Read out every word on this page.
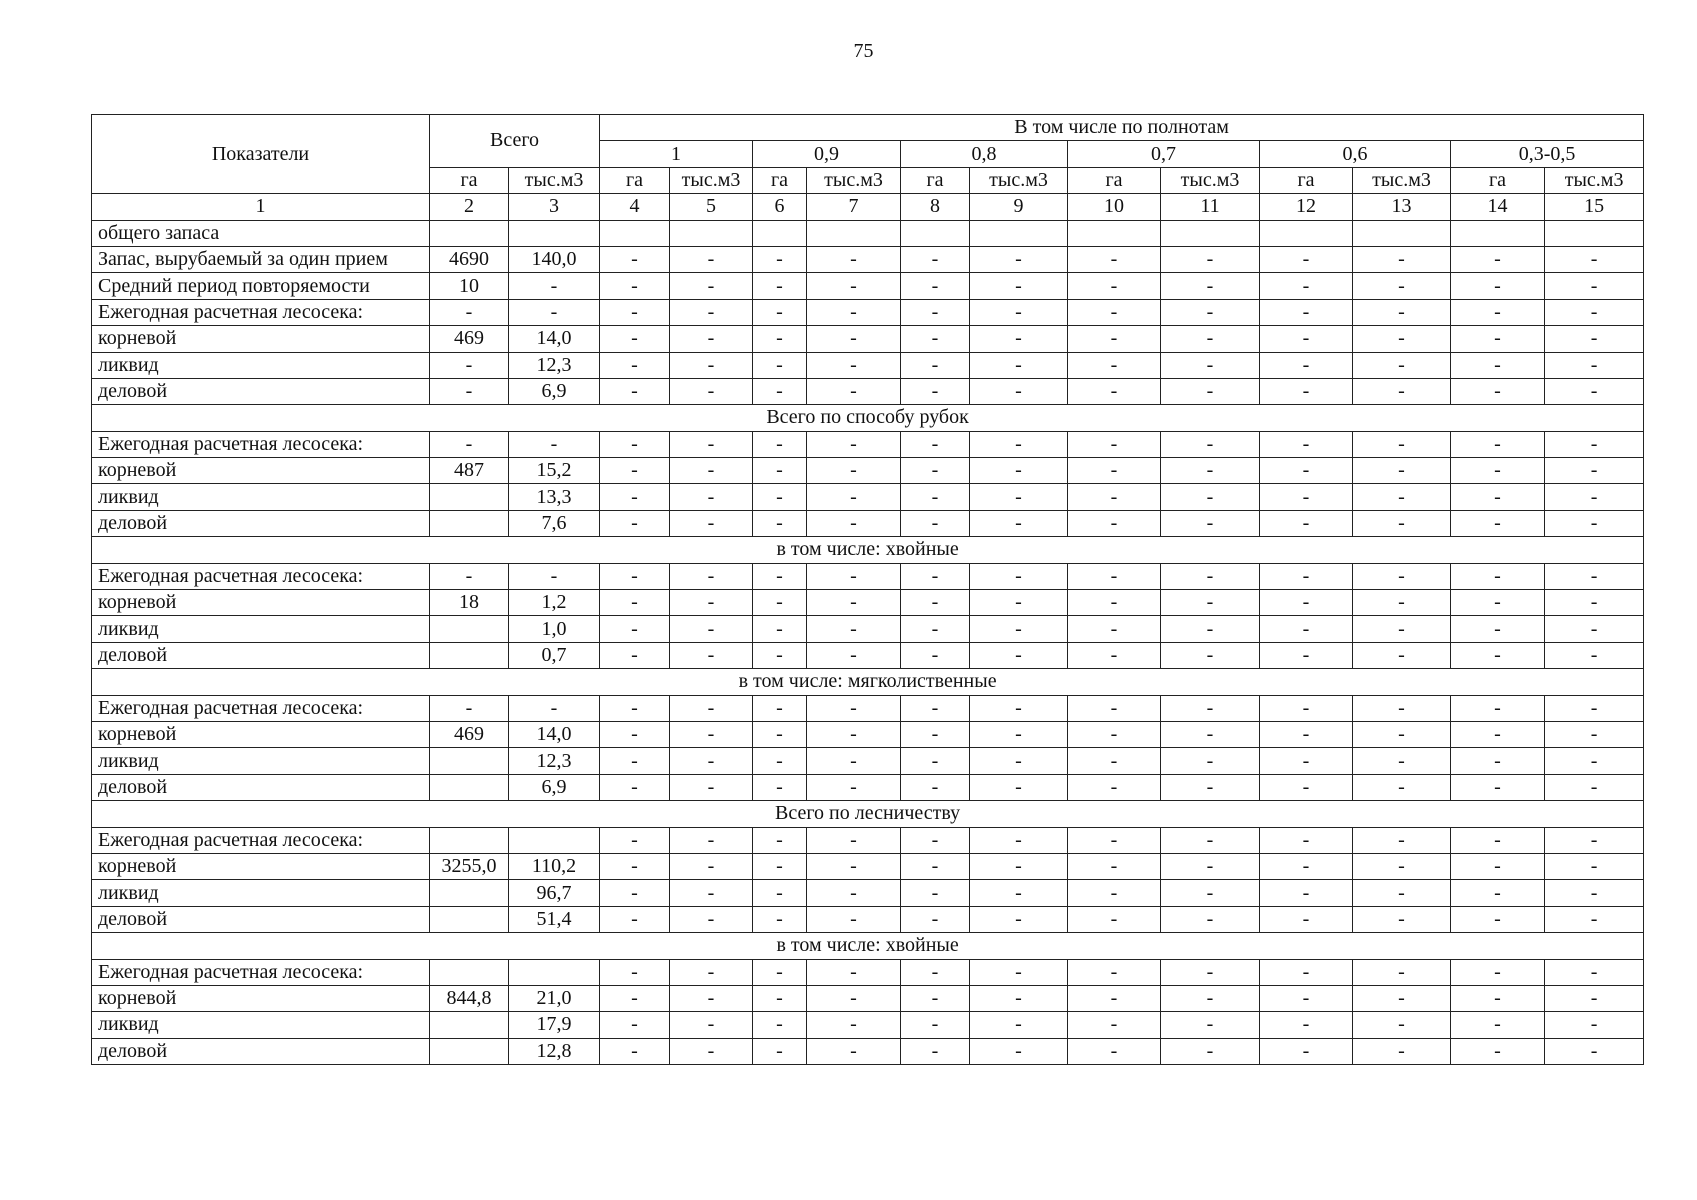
75
Показатели	Всего		В том числе по полнотам											
			1		0,9		0,8		0,7		0,6		0,3-0,5	
	га	тыс.м3	га	тыс.м3	га	тыс.м3	га	тыс.м3	га	тыс.м3	га	тыс.м3	га	тыс.м3
1	2	3	4	5	6	7	8	9	10	11	12	13	14	15
общего запаса														
Запас, вырубаемый за один прием	4690	140,0	-	-	-	-	-	-	-	-	-	-	-	-
Средний период повторяемости	10	-	-	-	-	-	-	-	-	-	-	-	-	-
Ежегодная расчетная лесосека:	-	-	-	-	-	-	-	-	-	-	-	-	-	-
корневой	469	14,0	-	-	-	-	-	-	-	-	-	-	-	-
ликвид	-	12,3	-	-	-	-	-	-	-	-	-	-	-	-
деловой	-	6,9	-	-	-	-	-	-	-	-	-	-	-	-
Всего по способу рубок														
Ежегодная расчетная лесосека:	-	-	-	-	-	-	-	-	-	-	-	-	-	-
корневой	487	15,2	-	-	-	-	-	-	-	-	-	-	-	-
ликвид		13,3	-	-	-	-	-	-	-	-	-	-	-	-
деловой		7,6	-	-	-	-	-	-	-	-	-	-	-	-
в том числе: хвойные														
Ежегодная расчетная лесосека:	-	-	-	-	-	-	-	-	-	-	-	-	-	-
корневой	18	1,2	-	-	-	-	-	-	-	-	-	-	-	-
ликвид		1,0	-	-	-	-	-	-	-	-	-	-	-	-
деловой		0,7	-	-	-	-	-	-	-	-	-	-	-	-
в том числе: мягколиственные														
Ежегодная расчетная лесосека:	-	-	-	-	-	-	-	-	-	-	-	-	-	-
корневой	469	14,0	-	-	-	-	-	-	-	-	-	-	-	-
ликвид		12,3	-	-	-	-	-	-	-	-	-	-	-	-
деловой		6,9	-	-	-	-	-	-	-	-	-	-	-	-
Всего по лесничеству														
Ежегодная расчетная лесосека:			-	-	-	-	-	-	-	-	-	-	-	-
корневой	3255,0	110,2	-	-	-	-	-	-	-	-	-	-	-	-
ликвид		96,7	-	-	-	-	-	-	-	-	-	-	-	-
деловой		51,4	-	-	-	-	-	-	-	-	-	-	-	-
в том числе: хвойные														
Ежегодная расчетная лесосека:			-	-	-	-	-	-	-	-	-	-	-	-
корневой	844,8	21,0	-	-	-	-	-	-	-	-	-	-	-	-
ликвид		17,9	-	-	-	-	-	-	-	-	-	-	-	-
деловой		12,8	-	-	-	-	-	-	-	-	-	-	-	-
